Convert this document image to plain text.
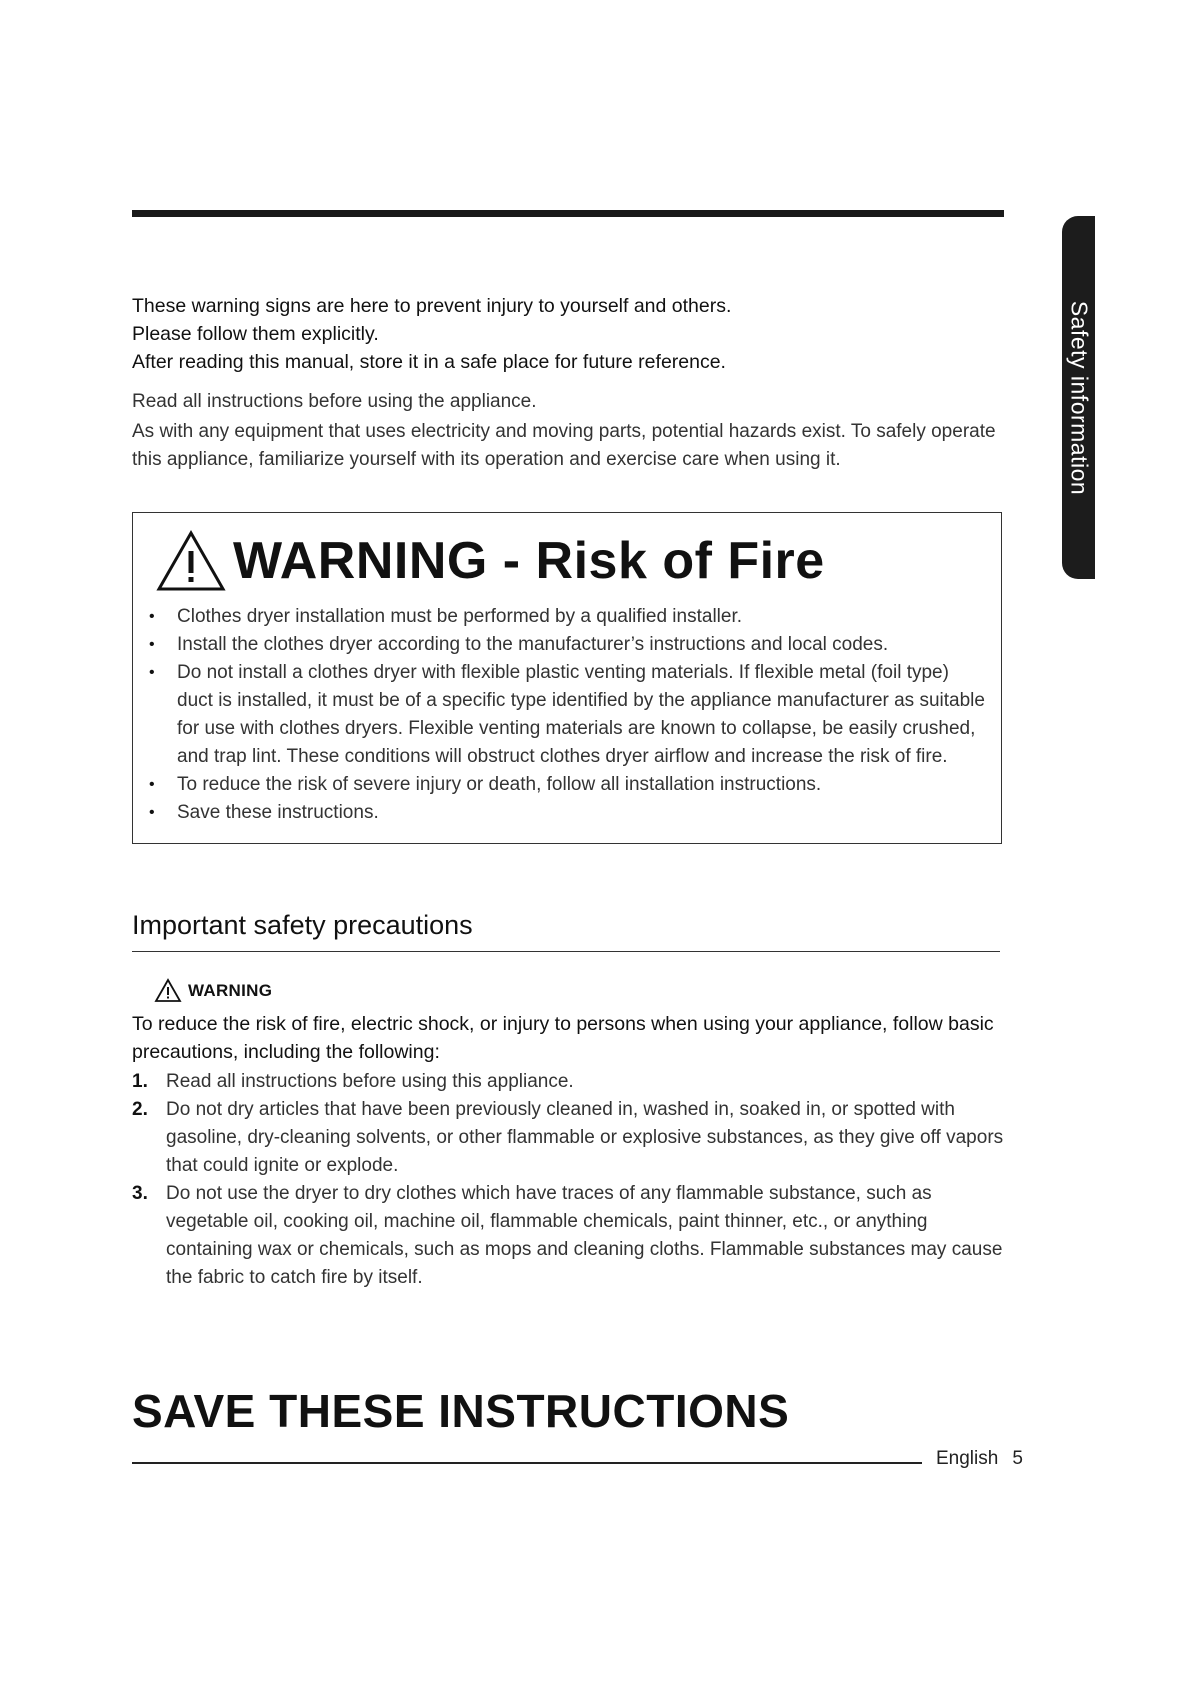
Safety information

These warning signs are here to prevent injury to yourself and others.

Please follow them explicitly.

After reading this manual, store it in a safe place for future reference.

Read all instructions before using the appliance.

As with any equipment that uses electricity and moving parts, potential hazards exist. To safely operate this appliance, familiarize yourself with its operation and exercise care when using it.

WARNING - Risk of Fire
• Clothes dryer installation must be performed by a qualified installer.
• Install the clothes dryer according to the manufacturer’s instructions and local codes.
• Do not install a clothes dryer with flexible plastic venting materials. If flexible metal (foil type) duct is installed, it must be of a specific type identified by the appliance manufacturer as suitable for use with clothes dryers. Flexible venting materials are known to collapse, be easily crushed, and trap lint. These conditions will obstruct clothes dryer airflow and increase the risk of fire.
• To reduce the risk of severe injury or death, follow all installation instructions.
• Save these instructions.
Important safety precautions
WARNING

To reduce the risk of fire, electric shock, or injury to persons when using your appliance, follow basic precautions, including the following:

1. Read all instructions before using this appliance.
2. Do not dry articles that have been previously cleaned in, washed in, soaked in, or spotted with gasoline, dry-cleaning solvents, or other flammable or explosive substances, as they give off vapors that could ignite or explode.
3. Do not use the dryer to dry clothes which have traces of any flammable substance, such as vegetable oil, cooking oil, machine oil, flammable chemicals, paint thinner, etc., or anything containing wax or chemicals, such as mops and cleaning cloths. Flammable substances may cause the fabric to catch fire by itself.
SAVE THESE INSTRUCTIONS
English 5
